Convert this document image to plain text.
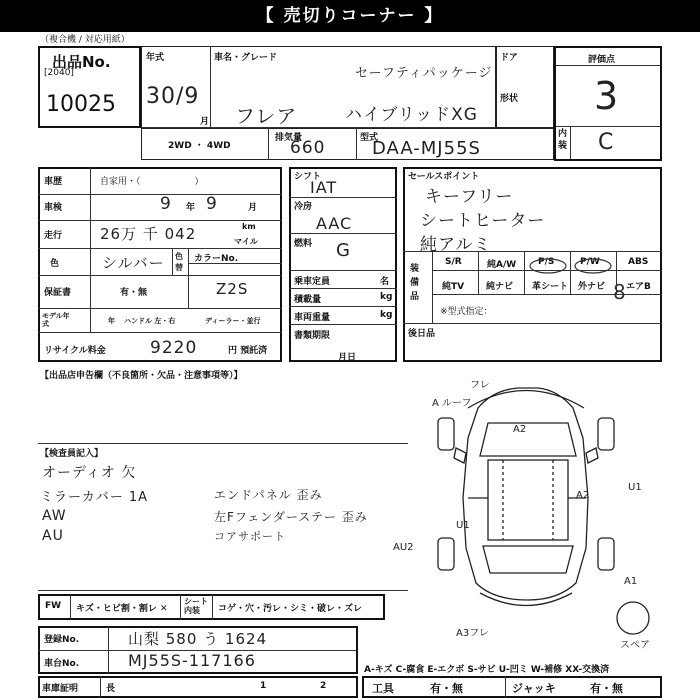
【 売切りコーナー 】
（複合機 / 対応用紙）
出品No.
[2040]
10025
年式
30/9
月
車名・グレード
セーフティパッケージ
フレア	ハイブリッドXG
ドア
形状
評価点
3
内装 C
2WD ・ 4WD
排気量
660	型式
DAA-MJ55S
車歴	自家用・（　　　　　　）
車検	9 年 9	月
走行	26万 千 042	km
マイル
色	シルバー 色替
カラーNo.
Z2S
保証書	有・無
モデル年式	年 ハンドル 左・右	ディーラー・並行
リサイクル料金	9220	円 預託済
シフト
IAT
冷房
AAC
燃料 G
乗車定員	名
積載量	kg
車両重量	kg
書類期限
月日
セールスポイント
キーフリー
シートヒーター
純アルミ
装備品
S/R	純A/W P/S	P/W	ABS
純TV 純ナビ 革シート 外ナビ エアB
※型式指定：
8
後日品
【出品店申告欄（不良箇所・欠品・注意事項等）】
【検査員記入】
オーディオ 欠
ミラーカバー 1A
AW
AU
エンドパネル 歪み
左Fフェンダーステー 歪み
コアサポート
フレ
A ルーフ
A2
A2
U1
U1
AU2
A1
A3フレ
スペア
FW キズ・ヒビ割・割レ ✕
シート内装	コゲ・穴・汚レ・シミ・破レ・ズレ
登録No.	山梨 580 う 1624
車台No.	MJ55S-117166	A-キズ C-腐食 E-エクボ S-サビ U-凹ミ W-補修 XX-交換済
車庫証明	長	1	2	工具	有・無	ジャッキ	有・無
